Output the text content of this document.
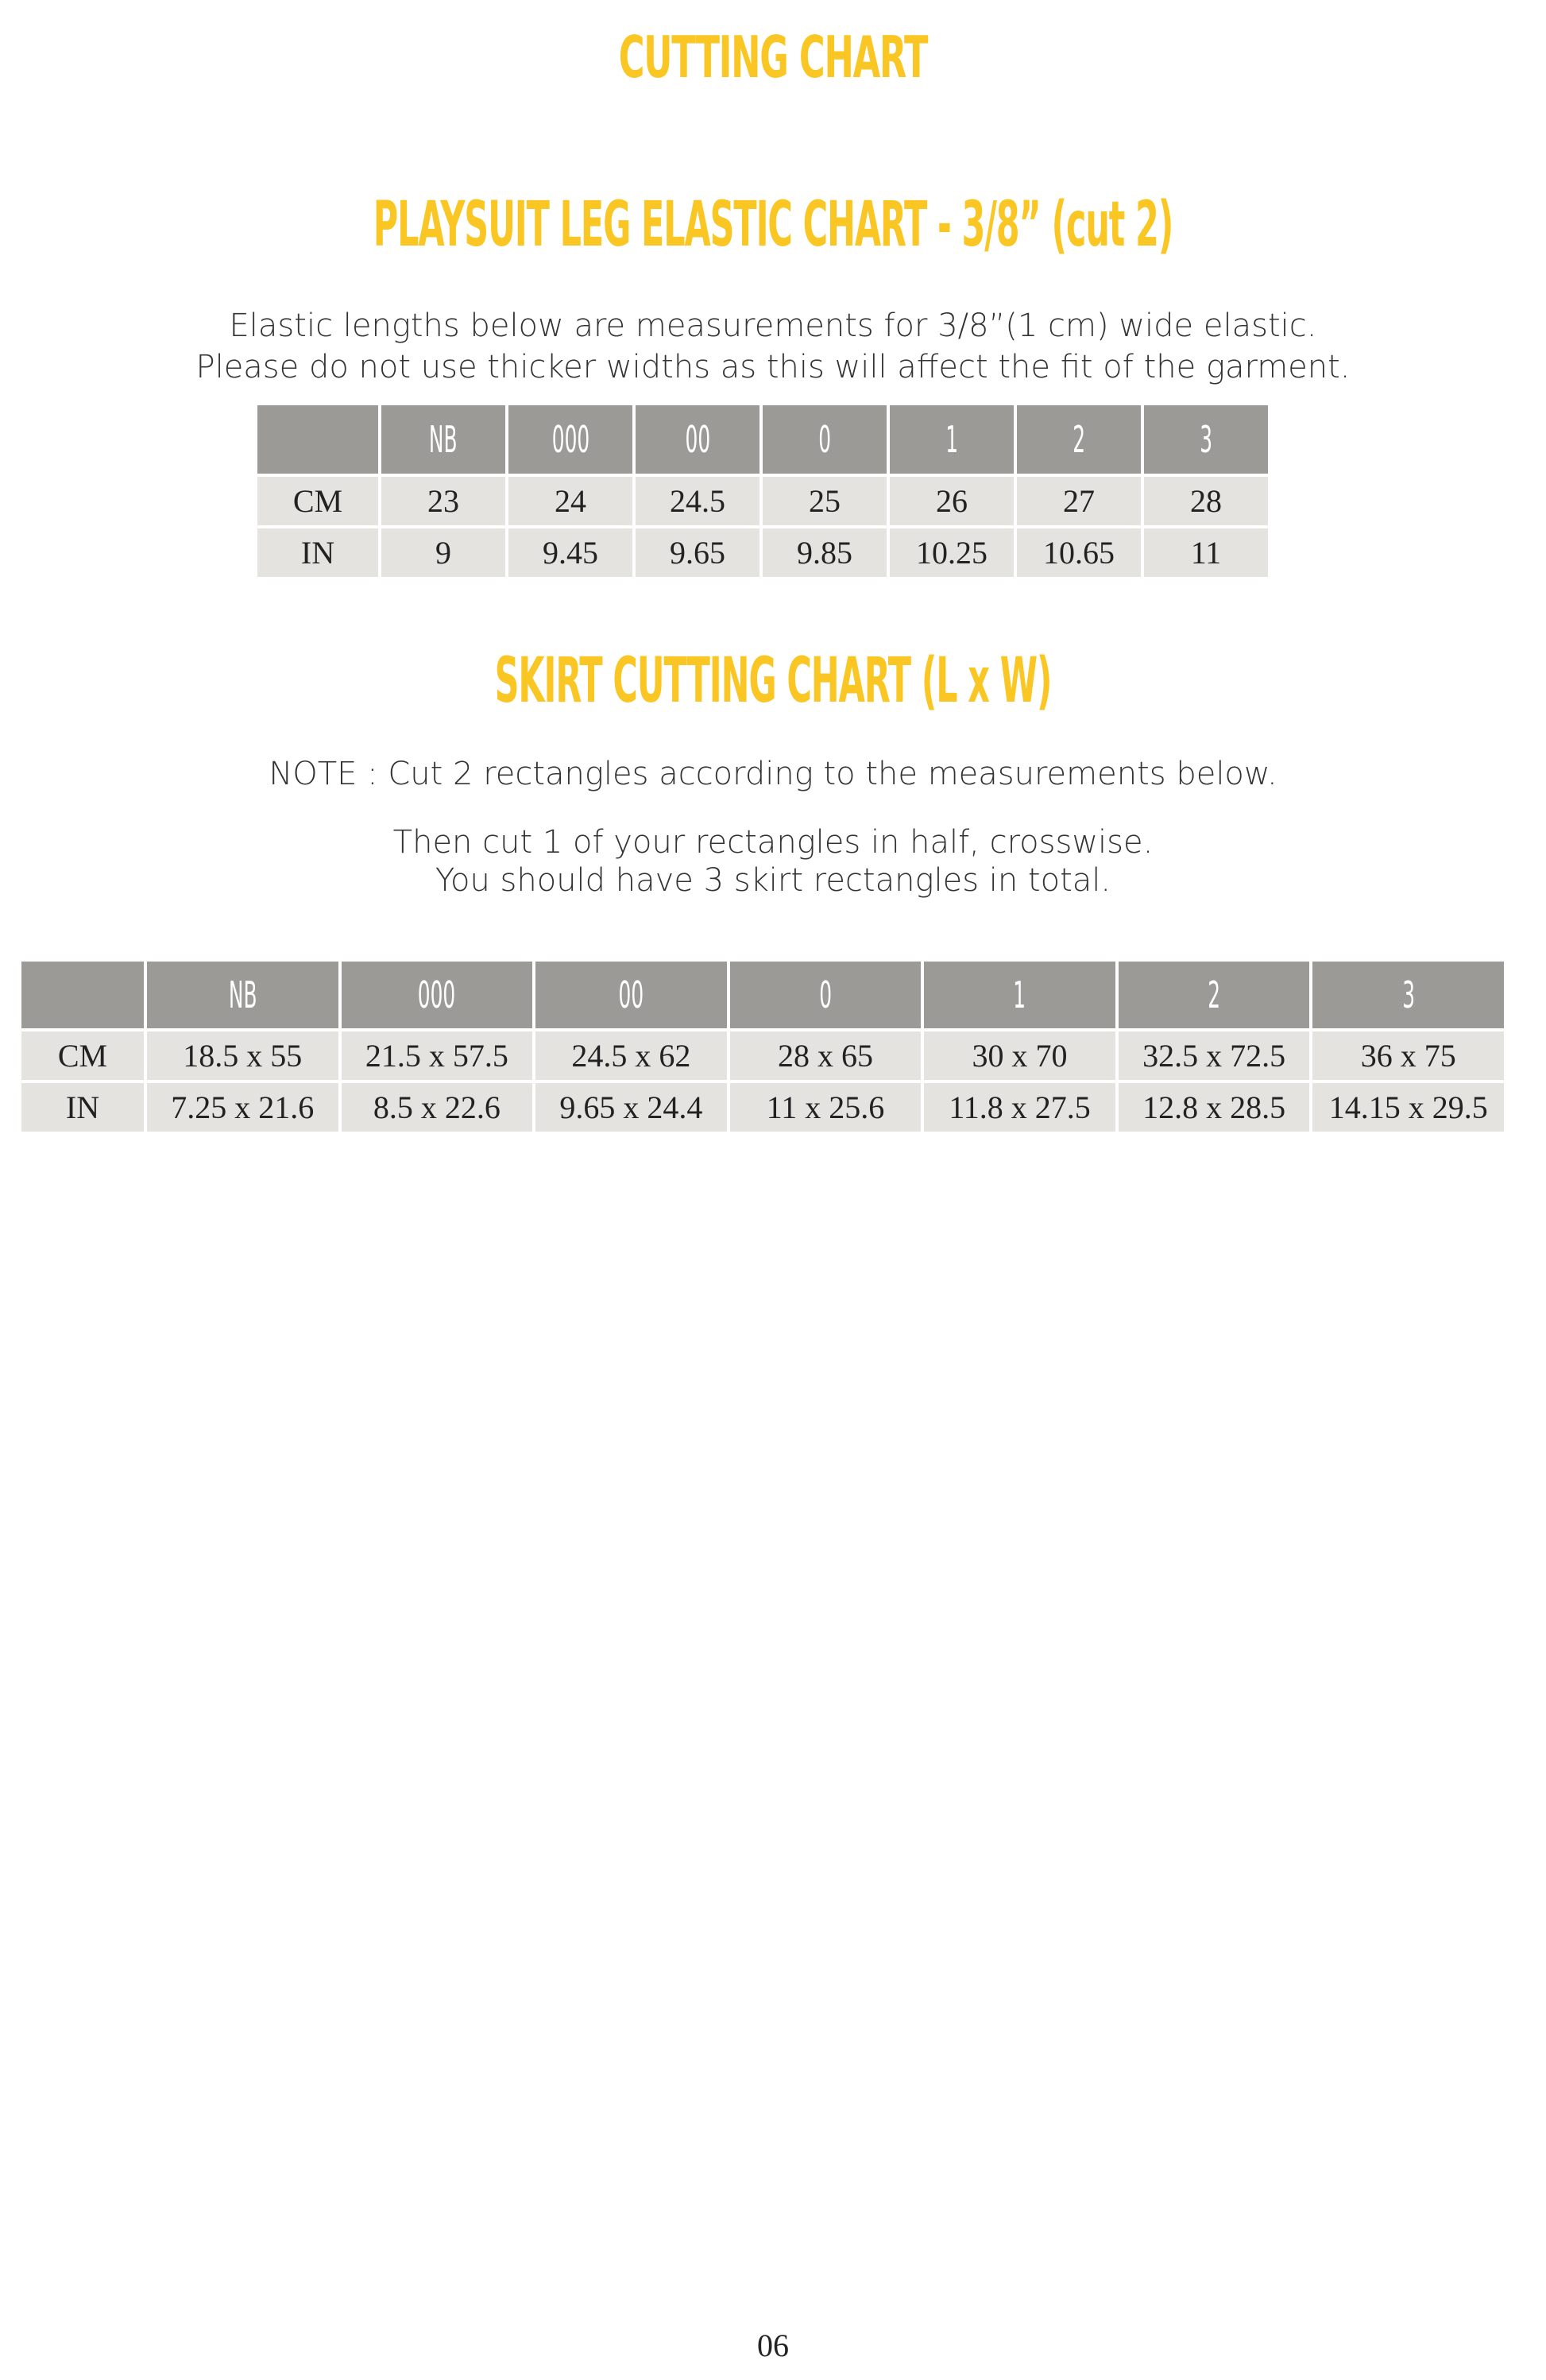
CUTTING CHART
PLAYSUIT LEG ELASTIC CHART - 3/8” (cut 2)
Elastic lengths below are measurements for 3/8”(1 cm) wide elastic.
Please do not use thicker widths as this will affect the fit of the garment.
	NB	000	00	0	1	2	3
CM	23	24	24.5	25	26	27	28
IN	9	9.45	9.65	9.85	10.25	10.65	11
SKIRT CUTTING CHART (L x W)
NOTE : Cut 2 rectangles according to the measurements below.
Then cut 1 of your rectangles in half, crosswise.
You should have 3 skirt rectangles in total.
	NB	000	00	0	1	2	3
CM	18.5 x 55	21.5 x 57.5	24.5 x 62	28 x 65	30 x 70	32.5 x 72.5	36 x 75
IN	7.25 x 21.6	8.5 x 22.6	9.65 x 24.4	11 x 25.6	11.8 x 27.5	12.8 x 28.5	14.15 x 29.5
06
